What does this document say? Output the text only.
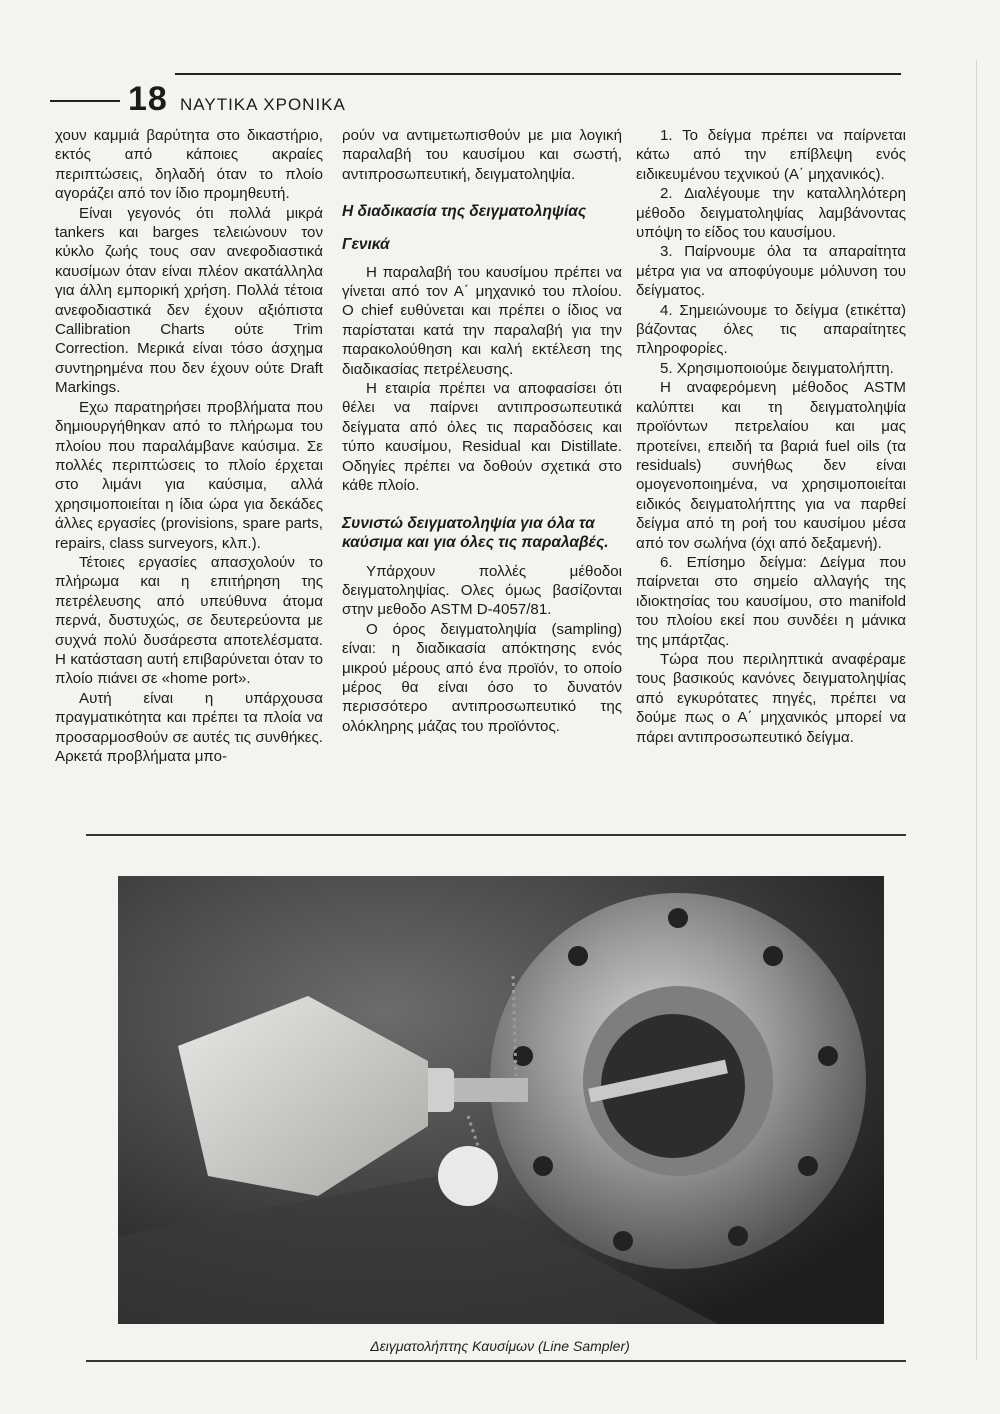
18 ΝΑΥΤΙΚΑ ΧΡΟΝΙΚΑ

χουν καμμιά βαρύτητα στο δικαστήριο, εκτός από κάποιες ακραίες περιπτώσεις, δηλαδή όταν το πλοίο αγοράζει από τον ίδιο προμηθευτή.

Είναι γεγονός ότι πολλά μικρά tankers και barges τελειώνουν τον κύκλο ζωής τους σαν ανεφοδιαστικά καυσίμων όταν είναι πλέον ακατάλληλα για άλλη εμπορική χρήση. Πολλά τέτοια ανεφοδιαστικά δεν έχουν αξιόπιστα Callibration Charts ούτε Trim Correction. Μερικά είναι τόσο άσχημα συντηρημένα που δεν έχουν ούτε Draft Markings.

Εχω παρατηρήσει προβλήματα που δημιουργήθηκαν από το πλήρωμα του πλοίου που παραλάμβανε καύσιμα. Σε πολλές περιπτώσεις το πλοίο έρχεται στο λιμάνι για καύσιμα, αλλά χρησιμοποιείται η ίδια ώρα για δεκάδες άλλες εργασίες (provisions, spare parts, repairs, class surveyors, κλπ.).

Τέτοιες εργασίες απασχολούν το πλήρωμα και η επιτήρηση της πετρέλευσης από υπεύθυνα άτομα περνά, δυστυχώς, σε δευτερεύοντα με συχνά πολύ δυσάρεστα αποτελέσματα. Η κατάσταση αυτή επιβαρύνεται όταν το πλοίο πιάνει σε «home port».

Αυτή είναι η υπάρχουσα πραγματικότητα και πρέπει τα πλοία να προσαρμοσθούν σε αυτές τις συνθήκες. Αρκετά προβλήματα μπο-

ρούν να αντιμετωπισθούν με μια λογική παραλαβή του καυσίμου και σωστή, αντιπροσωπευτική, δειγματοληψία.

Η διαδικασία της δειγματοληψίας
Γενικά

Η παραλαβή του καυσίμου πρέπει να γίνεται από τον Α΄ μηχανικό του πλοίου. Ο chief ευθύνεται και πρέπει ο ίδιος να παρίσταται κατά την παραλαβή για την παρακολούθηση και καλή εκτέλεση της διαδικασίας πετρέλευσης.

Η εταιρία πρέπει να αποφασίσει ότι θέλει να παίρνει αντιπροσωπευτικά δείγματα από όλες τις παραδόσεις και τύπο καυσίμου, Residual και Distillate. Οδηγίες πρέπει να δοθούν σχετικά στο κάθε πλοίο.

Συνιστώ δειγματοληψία για όλα τα καύσιμα και για όλες τις παραλαβές.

Υπάρχουν πολλές μέθοδοι δειγματοληψίας. Ολες όμως βασίζονται στην μεθοδο ASTM D-4057/81.

Ο όρος δειγματοληψία (sampling) είναι: η διαδικασία απόκτησης ενός μικρού μέρους από ένα προϊόν, το οποίο μέρος θα είναι όσο το δυνατόν περισσότερο αντιπροσωπευτικό της ολόκληρης μάζας του προϊόντος.

1. Το δείγμα πρέπει να παίρνεται κάτω από την επίβλεψη ενός ειδικευμένου τεχνικού (Α΄ μηχανικός).

2. Διαλέγουμε την καταλληλότερη μέθοδο δειγματοληψίας λαμβάνοντας υπόψη το είδος του καυσίμου.

3. Παίρνουμε όλα τα απαραίτητα μέτρα για να αποφύγουμε μόλυνση του δείγματος.

4. Σημειώνουμε το δείγμα (ετικέττα) βάζοντας όλες τις απαραίτητες πληροφορίες.

5. Χρησιμοποιούμε δειγματολήπτη.

Η αναφερόμενη μέθοδος ASTM καλύπτει και τη δειγματοληψία προϊόντων πετρελαίου και μας προτείνει, επειδή τα βαριά fuel oils (τα residuals) συνήθως δεν είναι ομογενοποιημένα, να χρησιμοποιείται ειδικός δειγματολήπτης για να παρθεί δείγμα από τη ροή του καυσίμου μέσα από τον σωλήνα (όχι από δεξαμενή).

6. Επίσημο δείγμα: Δείγμα που παίρνεται στο σημείο αλλαγής της ιδιοκτησίας του καυσίμου, στο manifold του πλοίου εκεί που συνδέει η μάνικα της μπάρτζας.

Τώρα που περιληπτικά αναφέραμε τους βασικούς κανόνες δειγματοληψίας από εγκυρότατες πηγές, πρέπει να δούμε πως ο Α΄ μηχανικός μπορεί να πάρει αντιπροσωπευτικό δείγμα.

Δειγματολήπτης Καυσίμων (Line Sampler)
